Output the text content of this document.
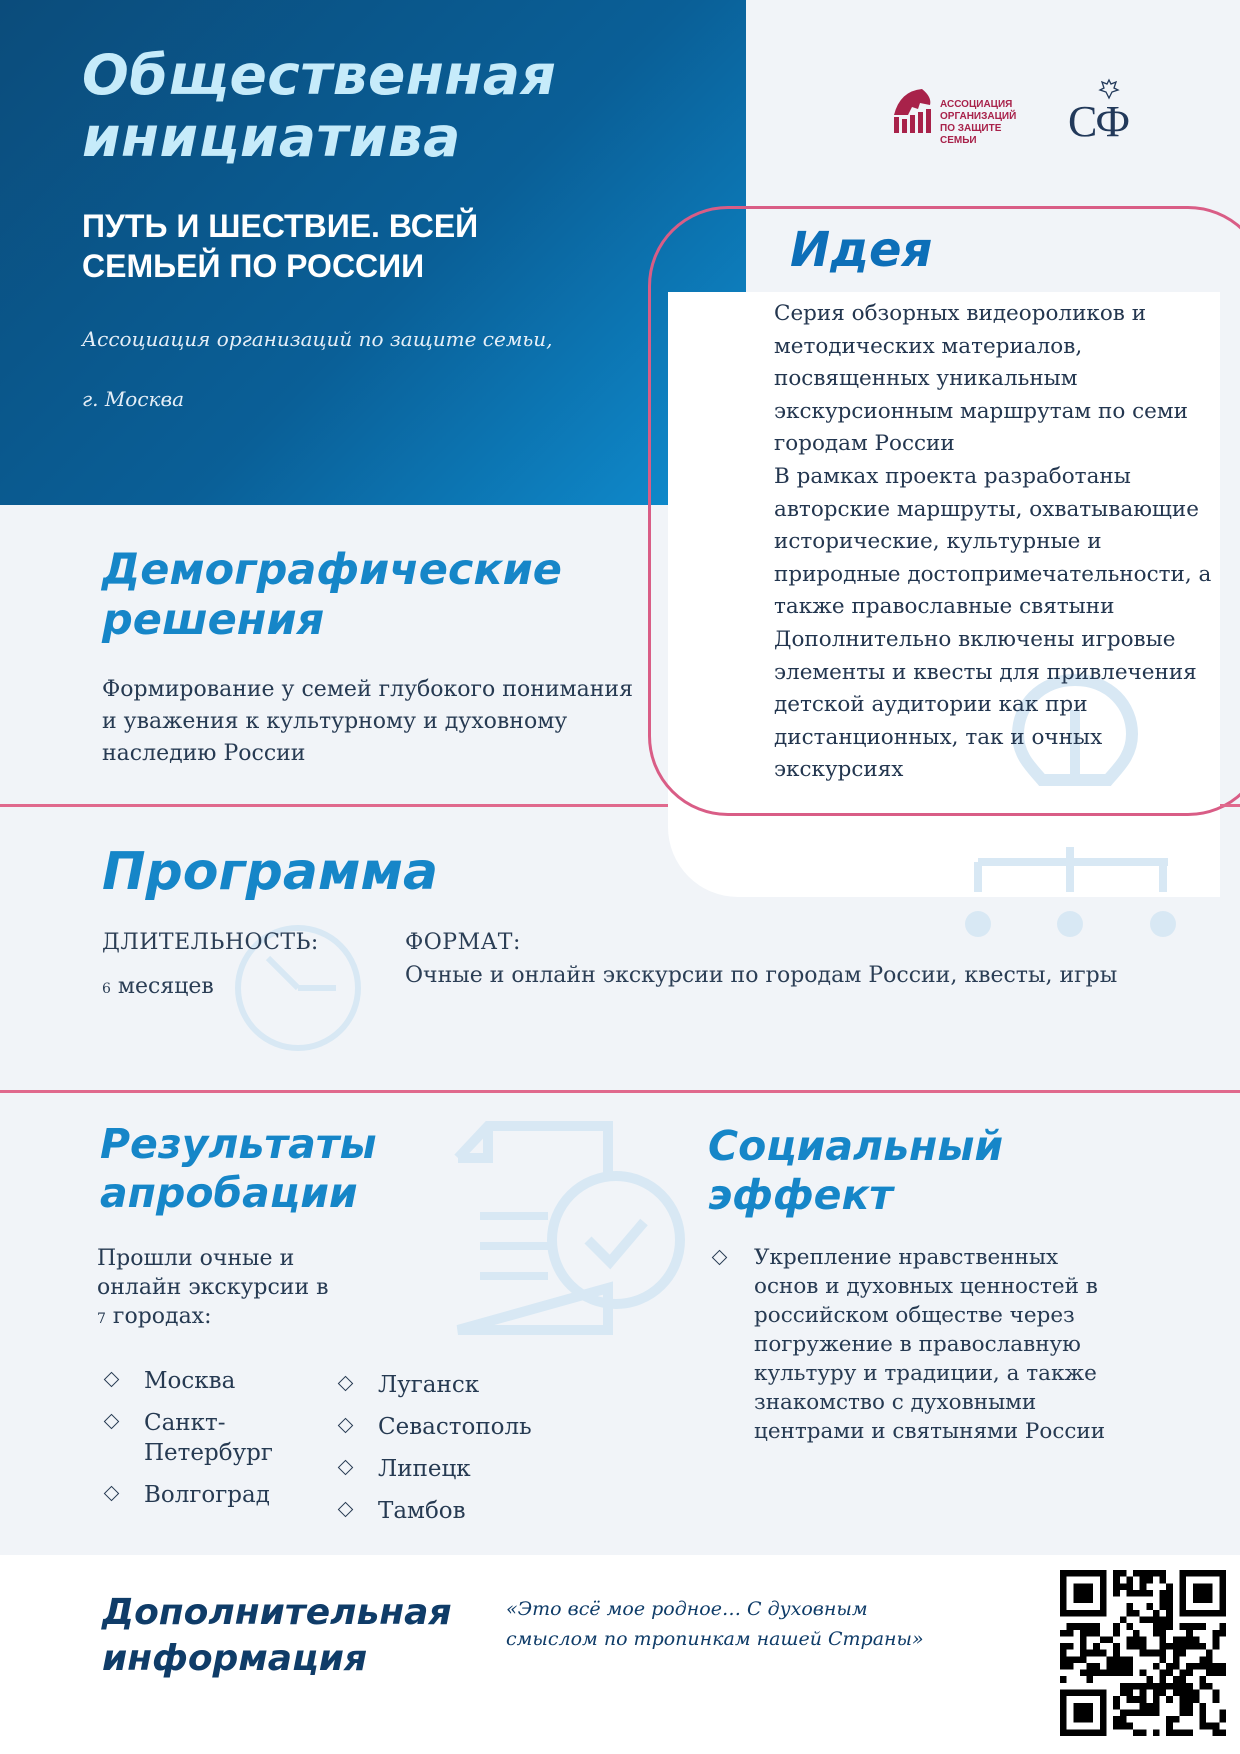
Общественная
инициатива
ПУТЬ И ШЕСТВИЕ. ВСЕЙ
СЕМЬЕЙ ПО РОССИИ
Ассоциация организаций по защите семьи,
г. Москва
АССОЦИАЦИЯ
ОРГАНИЗАЦИЙ
ПО ЗАЩИТЕ СЕМЬИ	СФ
Идея

Серия обзорных видеороликов и методических материалов, посвященных уникальным экскурсионным маршрутам по семи городам России

В рамках проекта разработаны авторские маршруты, охватывающие исторические, культурные и природные достопримечательности, а также православные святыни

Дополнительно включены игровые элементы и квесты для привлечения детской аудитории как при дистанционных, так и очных экскурсиях

Демографические
решения
Формирование у семей глубокого понимания и уважения к культурному и духовному наследию России
Программа
ДЛИТЕЛЬНОСТЬ:
6 месяцев
ФОРМАТ:
Очные и онлайн экскурсии по городам России, квесты, игры
Результаты
апробации
Прошли очные и
онлайн экскурсии в
7 городах:
Москва
Санкт-Петербург
Волгоград
Луганск
Севастополь
Липецк
Тамбов
Социальный
эффект
Укрепление нравственных основ и духовных ценностей в российском обществе через погружение в православную культуру и традиции, а также знакомство с духовными центрами и святынями России
Дополнительная
информация
«Это всё мое родное… С духовным смыслом по тропинкам нашей Страны»
